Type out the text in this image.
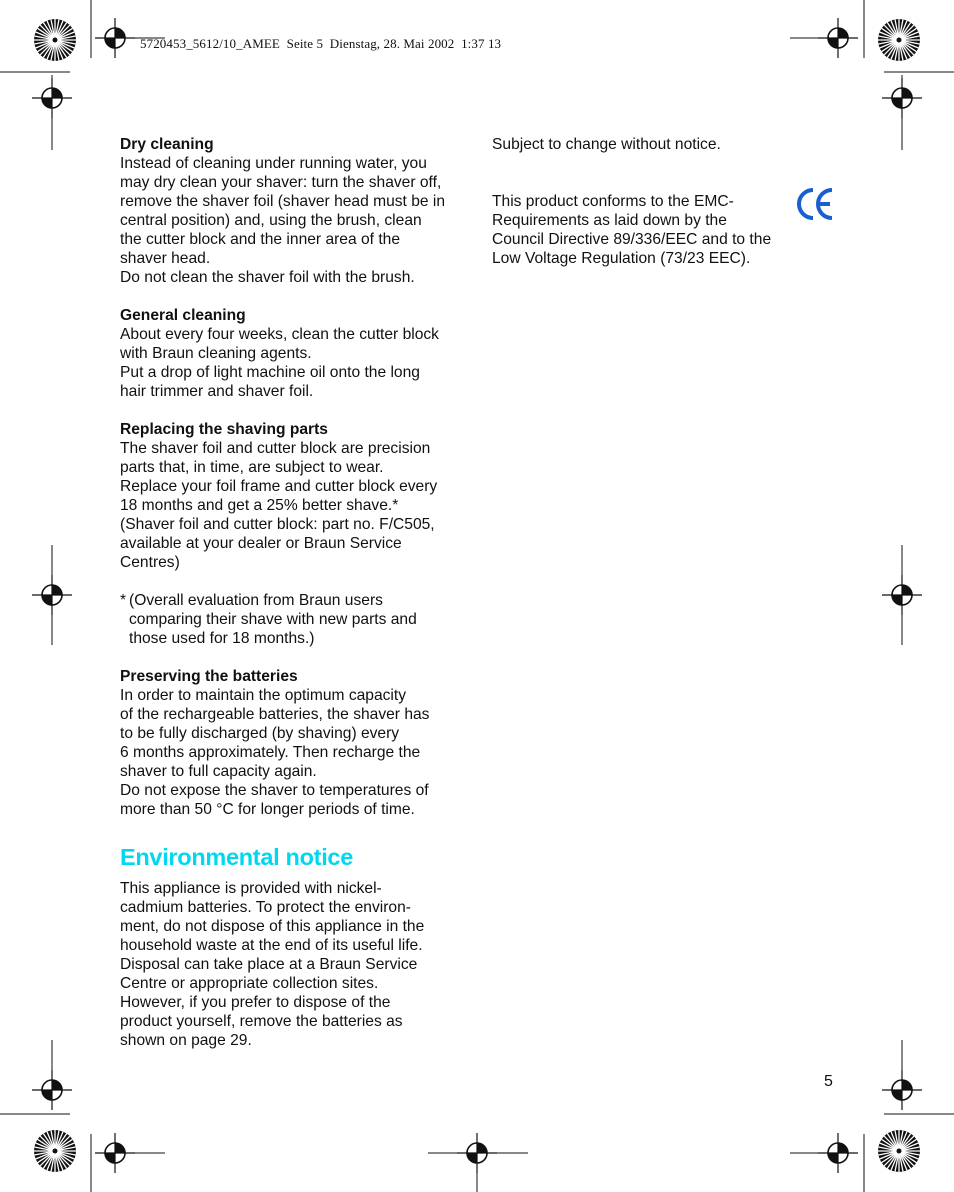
5720453_5612/10_AMEE  Seite 5  Dienstag, 28. Mai 2002  1:37 13
Dry cleaning
Instead of cleaning under running water, you
may dry clean your shaver: turn the shaver off,
remove the shaver foil (shaver head must be in
central position) and, using the brush, clean
the cutter block and the inner area of the
shaver head.
Do not clean the shaver foil with the brush.
General cleaning
About every four weeks, clean the cutter block
with Braun cleaning agents.
Put a drop of light machine oil onto the long
hair trimmer and shaver foil.
Replacing the shaving parts
The shaver foil and cutter block are precision
parts that, in time, are subject to wear.
Replace your foil frame and cutter block every
18 months and get a 25% better shave.*
(Shaver foil and cutter block: part no. F/C505,
available at your dealer or Braun Service
Centres)
* (Overall evaluation from Braun users
comparing their shave with new parts and
those used for 18 months.)
Preserving the batteries
In order to maintain the optimum capacity
of the rechargeable batteries, the shaver has
to be fully discharged (by shaving) every
6 months approximately. Then recharge the
shaver to full capacity again.
Do not expose the shaver to temperatures of
more than 50 °C for longer periods of time.
Environmental notice
This appliance is provided with nickel-
cadmium batteries. To protect the environ-
ment, do not dispose of this appliance in the
household waste at the end of its useful life.
Disposal can take place at a Braun Service
Centre or appropriate collection sites.
However, if you prefer to dispose of the
product yourself, remove the batteries as
shown on page 29.
Subject to change without notice.
This product conforms to the EMC-
Requirements as laid down by the
Council Directive 89/336/EEC and to the
Low Voltage Regulation (73/23 EEC).
5
